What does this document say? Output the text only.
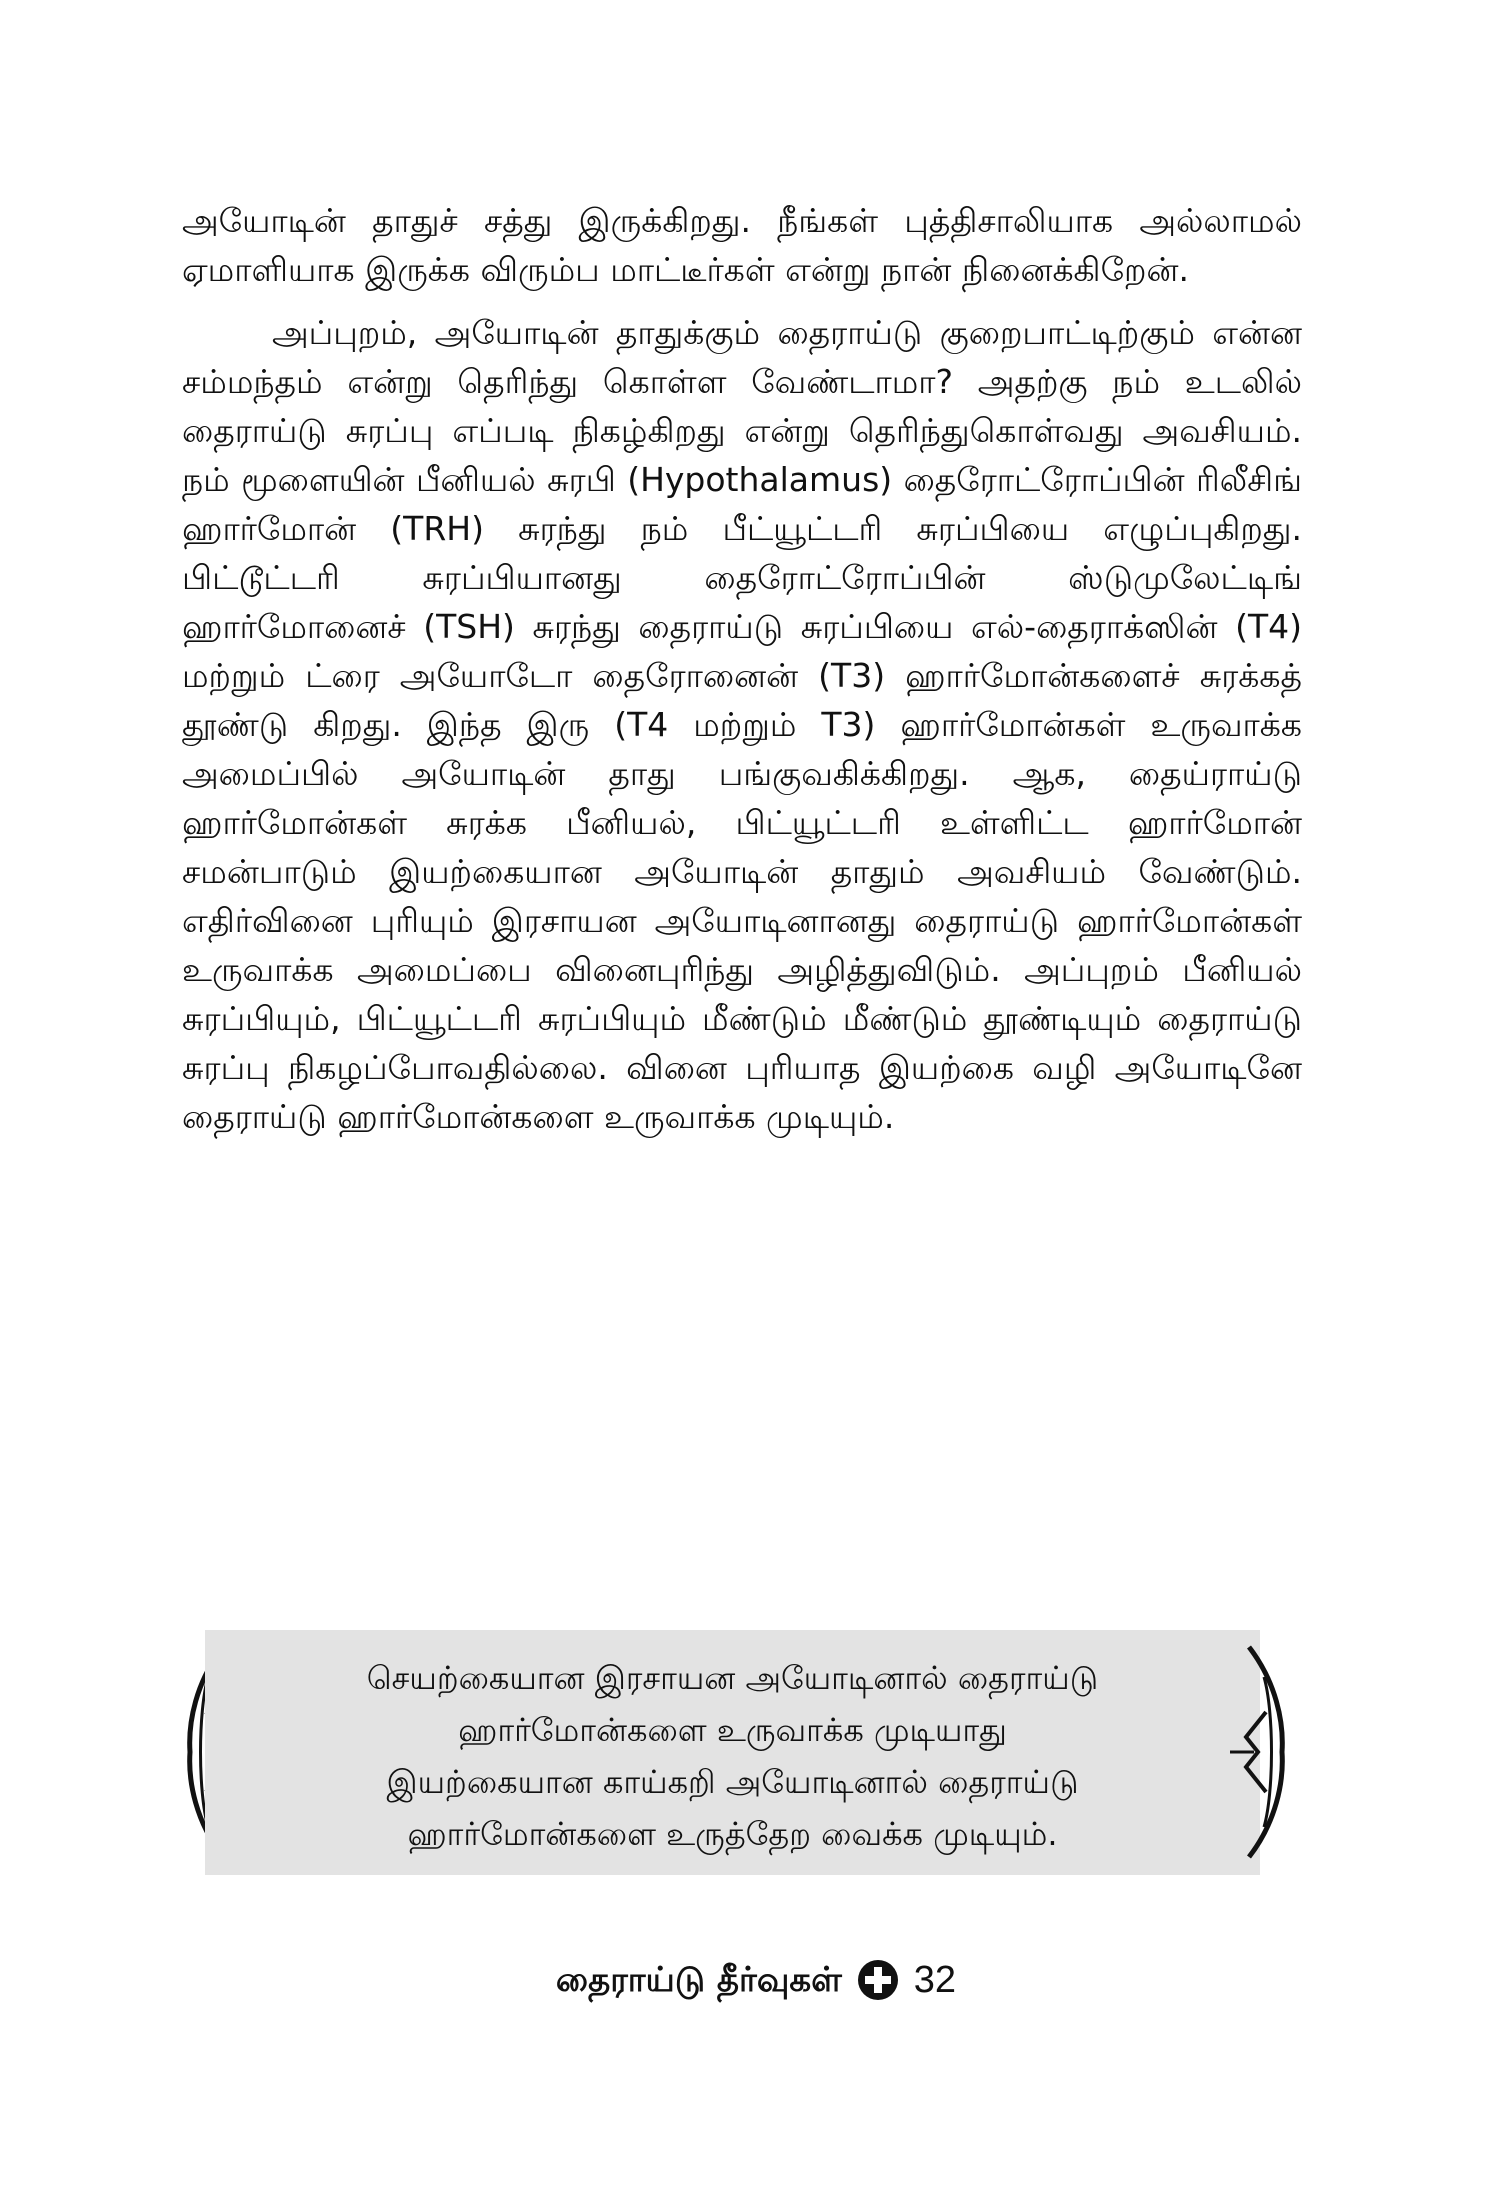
அயோடின் தாதுச் சத்து இருக்கிறது. நீங்கள் புத்திசாலியாக அல்லாமல் ஏமாளியாக இருக்க விரும்ப மாட்டீர்கள் என்று நான் நினைக்கிறேன்.

அப்புறம், அயோடின் தாதுக்கும் தைராய்டு குறைபாட்டிற்கும் என்ன சம்மந்தம் என்று தெரிந்து கொள்ள வேண்டாமா? அதற்கு நம் உடலில் தைராய்டு சுரப்பு எப்படி நிகழ்கிறது என்று தெரிந்துகொள்வது அவசியம். நம் மூளையின் பீனியல் சுரபி (Hypothalamus) தைரோட்ரோப்பின் ரிலீசிங் ஹார்மோன் (TRH) சுரந்து நம் பீட்யூட்டரி சுரப்பியை எழுப்புகிறது. பிட்டூட்டரி சுரப்பியானது தைரோட்ரோப்பின் ஸ்டுமுலேட்டிங் ஹார்மோனைச் (TSH) சுரந்து தைராய்டு சுரப்பியை எல்-தைராக்ஸின் (T4) மற்றும் ட்ரை அயோடோ தைரோனைன் (T3) ஹார்மோன்களைச் சுரக்கத் தூண்டு கிறது. இந்த இரு (T4 மற்றும் T3) ஹார்மோன்கள் உருவாக்க அமைப்பில் அயோடின் தாது பங்குவகிக்கிறது. ஆக, தைய்ராய்டு ஹார்மோன்கள் சுரக்க பீனியல், பிட்யூட்டரி உள்ளிட்ட ஹார்மோன் சமன்பாடும் இயற்கையான அயோடின் தாதும் அவசியம் வேண்டும். எதிர்வினை புரியும் இரசாயன அயோடினானது தைராய்டு ஹார்மோன்கள் உருவாக்க அமைப்பை வினைபுரிந்து அழித்துவிடும். அப்புறம் பீனியல் சுரப்பியும், பிட்யூட்டரி சுரப்பியும் மீண்டும் மீண்டும் தூண்டியும் தைராய்டு சுரப்பு நிகழப்போவதில்லை. வினை புரியாத இயற்கை வழி அயோடினே தைராய்டு ஹார்மோன்களை உருவாக்க முடியும்.

செயற்கையான இரசாயன அயோடினால் தைராய்டு
ஹார்மோன்களை உருவாக்க முடியாது
இயற்கையான காய்கறி அயோடினால் தைராய்டு
ஹார்மோன்களை உருத்தேற வைக்க முடியும்.
தைராய்டு தீர்வுகள் 32
